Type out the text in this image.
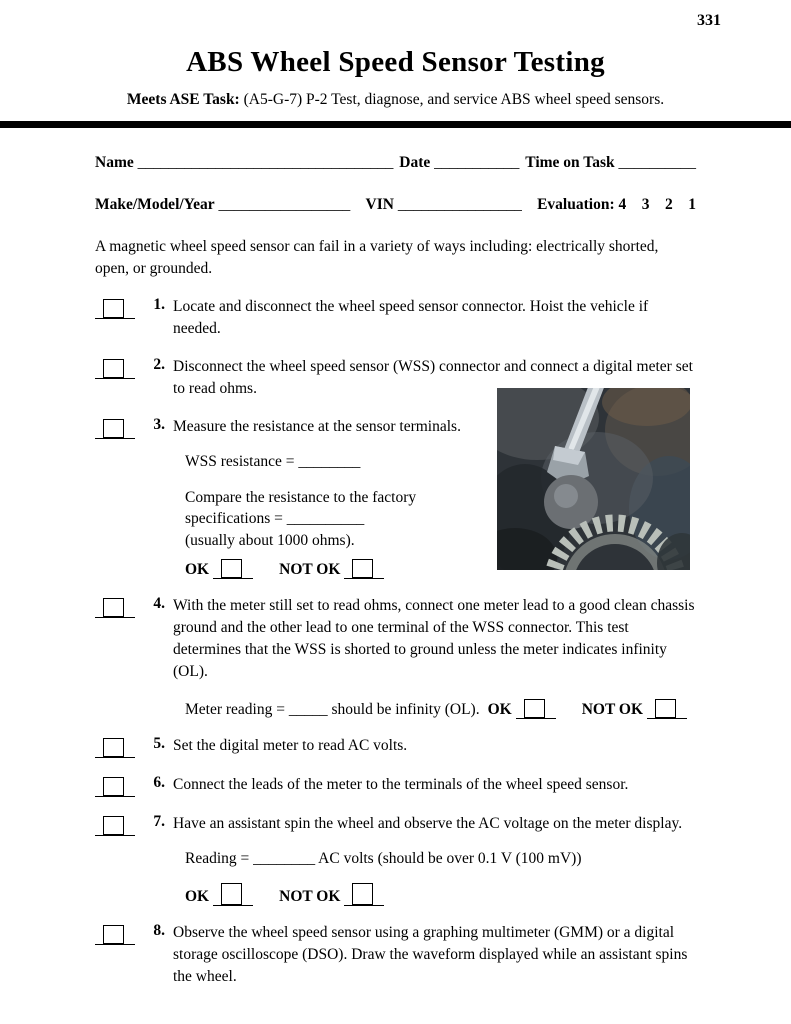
331
ABS Wheel Speed Sensor Testing
Meets ASE Task: (A5-G-7) P-2 Test, diagnose, and service ABS wheel speed sensors.
Name _________________________________ Date ___________ Time on Task __________
Make/Model/Year _________________ VIN ________________ Evaluation: 4    3    2    1

A magnetic wheel speed sensor can fail in a variety of ways including: electrically shorted, open, or grounded.

1. Locate and disconnect the wheel speed sensor connector. Hoist the vehicle if needed.
2. Disconnect the wheel speed sensor (WSS) connector and connect a digital meter set to read ohms.
3. Measure the resistance at the sensor terminals.
WSS resistance = ________
Compare the resistance to the factory
specifications = __________
(usually about 1000 ohms).
OK	NOT OK
4. With the meter still set to read ohms, connect one meter lead to a good clean chassis ground and the other lead to one terminal of the WSS connector. This test determines that the WSS is shorted to ground unless the meter indicates infinity (OL).
Meter reading = _____ should be infinity (OL). OK	NOT OK
5. Set the digital meter to read AC volts.
6. Connect the leads of the meter to the terminals of the wheel speed sensor.
7. Have an assistant spin the wheel and observe the AC voltage on the meter display.
Reading = ________ AC volts (should be over 0.1 V (100 mV))
OK	NOT OK
8. Observe the wheel speed sensor using a graphing multimeter (GMM) or a digital storage oscilloscope (DSO). Draw the waveform displayed while an assistant spins the wheel.
